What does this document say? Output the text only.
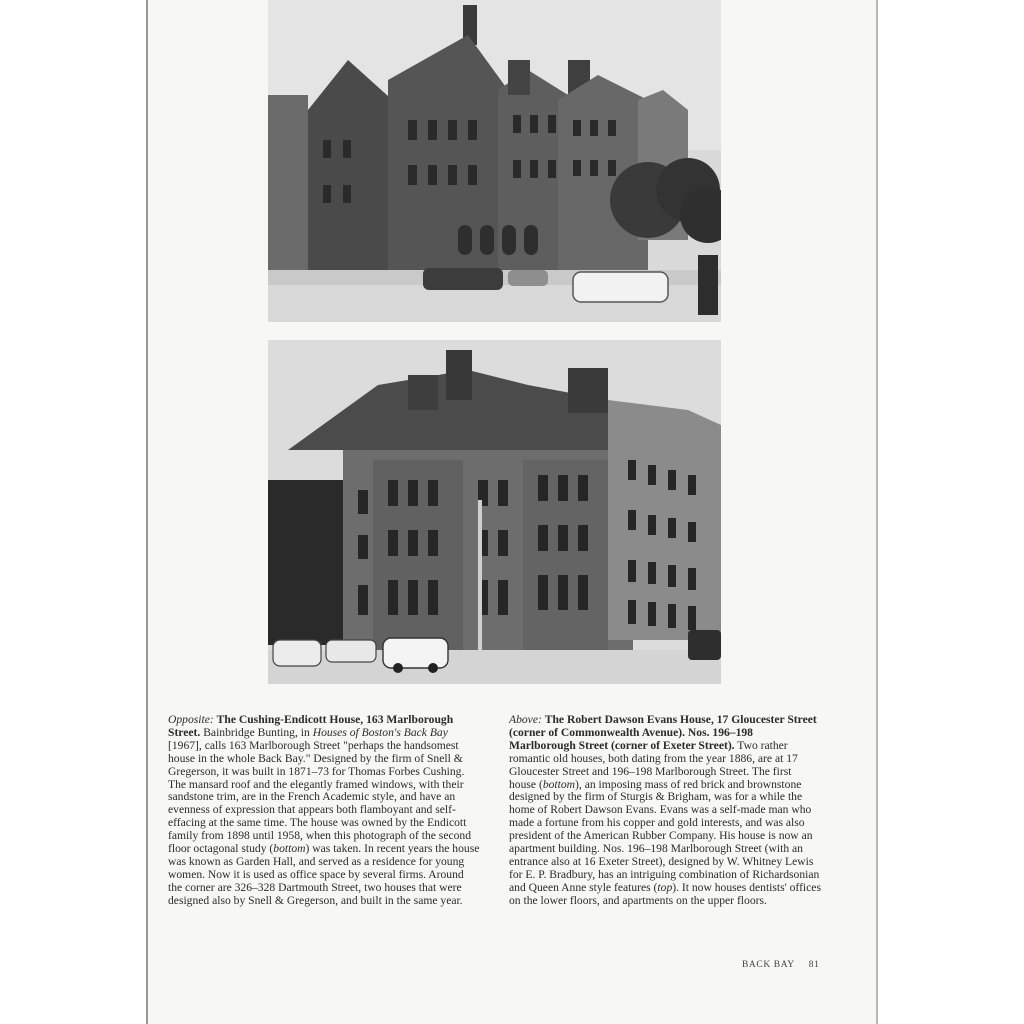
Opposite: The Cushing-Endicott House, 163 Marlborough Street. Bainbridge Bunting, in Houses of Boston's Back Bay [1967], calls 163 Marlborough Street "perhaps the handsomest house in the whole Back Bay." Designed by the firm of Snell & Gregerson, it was built in 1871–73 for Thomas Forbes Cushing. The mansard roof and the elegantly framed windows, with their sandstone trim, are in the French Academic style, and have an evenness of expression that appears both flamboyant and self-effacing at the same time. The house was owned by the Endicott family from 1898 until 1958, when this photograph of the second floor octagonal study (bottom) was taken. In recent years the house was known as Garden Hall, and served as a residence for young women. Now it is used as office space by several firms. Around the corner are 326–328 Dartmouth Street, two houses that were designed also by Snell & Gregerson, and built in the same year.
Above: The Robert Dawson Evans House, 17 Gloucester Street (corner of Commonwealth Avenue). Nos. 196–198 Marlborough Street (corner of Exeter Street). Two rather romantic old houses, both dating from the year 1886, are at 17 Gloucester Street and 196–198 Marlborough Street. The first house (bottom), an imposing mass of red brick and brownstone designed by the firm of Sturgis & Brigham, was for a while the home of Robert Dawson Evans. Evans was a self-made man who made a fortune from his copper and gold interests, and was also president of the American Rubber Company. His house is now an apartment building. Nos. 196–198 Marlborough Street (with an entrance also at 16 Exeter Street), designed by W. Whitney Lewis for E. P. Bradbury, has an intriguing combination of Richardsonian and Queen Anne style features (top). It now houses dentists' offices on the lower floors, and apartments on the upper floors.
BACK BAY 81
